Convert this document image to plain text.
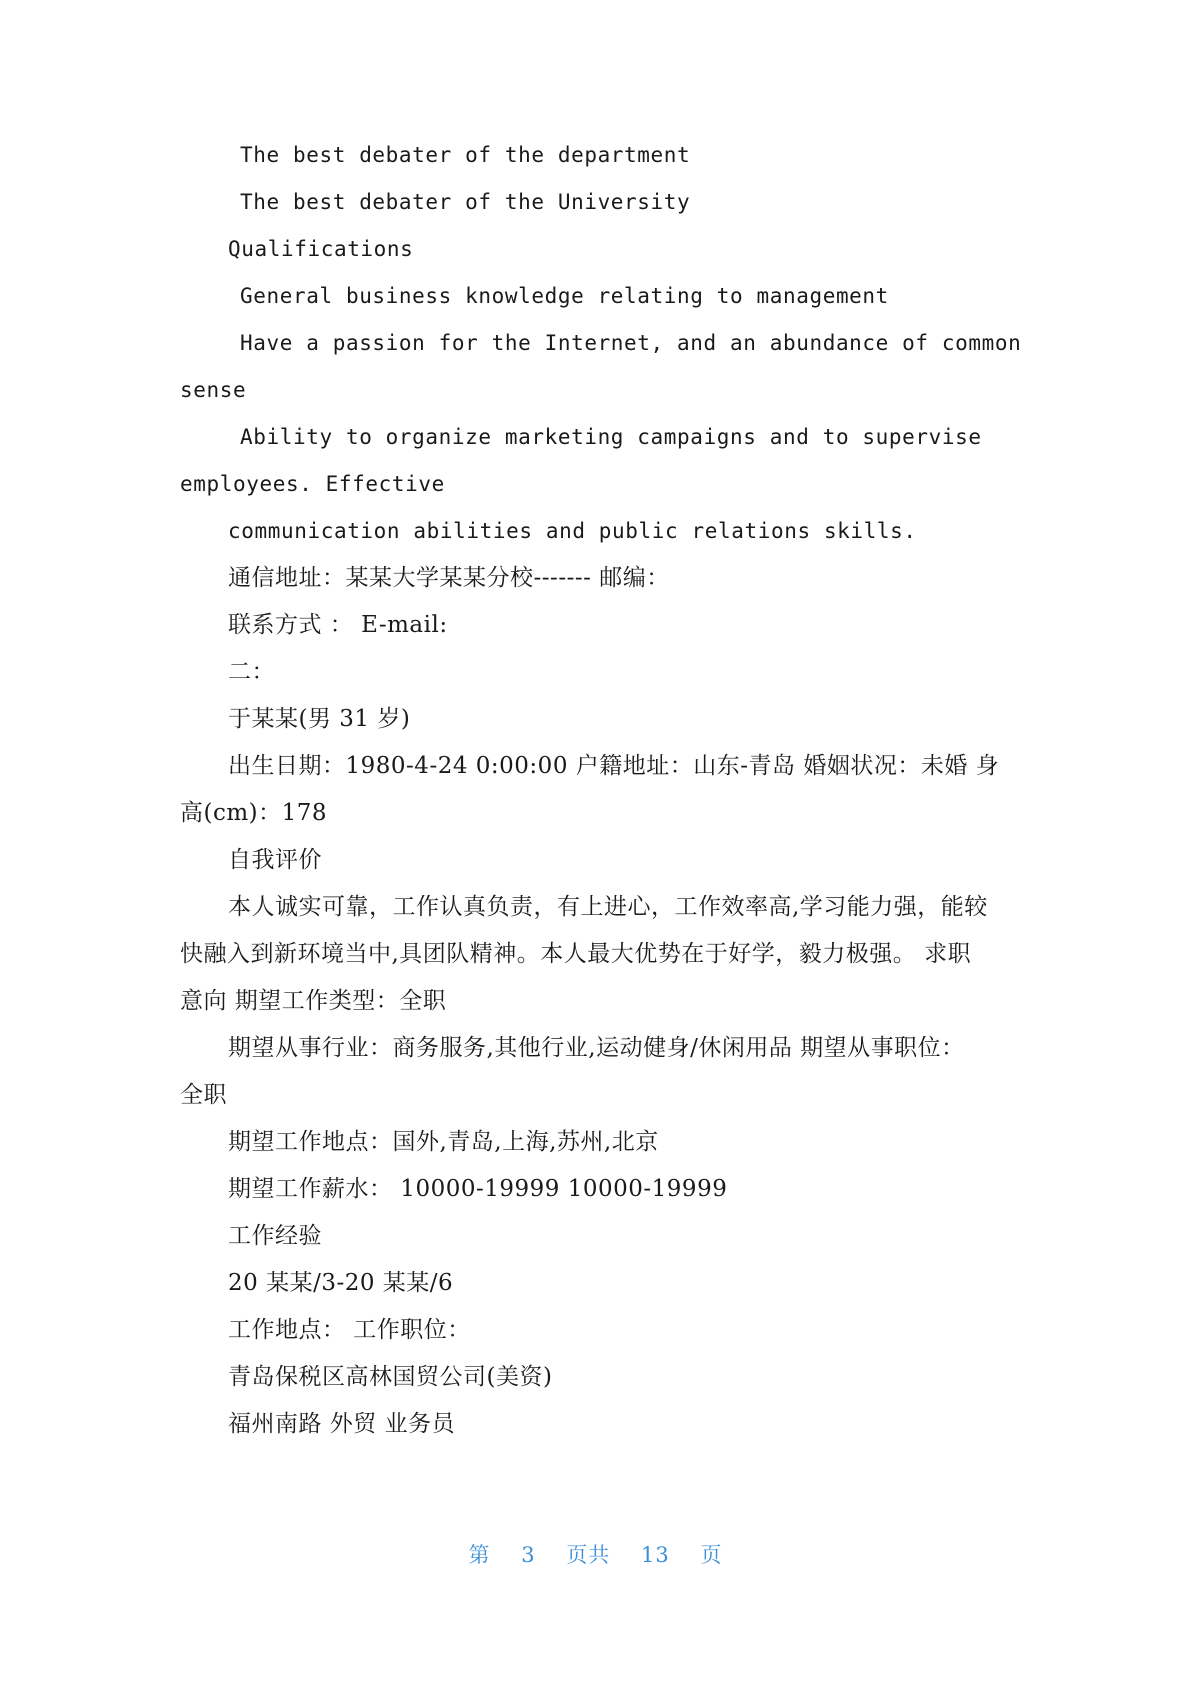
The best debater of the department

The best debater of the University

Qualifications

General business knowledge relating to management

Have a passion for the Internet, and an abundance of common

sense

Ability to organize marketing campaigns and to supervise

employees. Effective

communication abilities and public relations skills.

通信地址：某某大学某某分校------- 邮编：

联系方式 ： E-mail:

二：

于某某(男 31 岁)

出生日期：1980-4-24 0:00:00 户籍地址：山东-青岛 婚姻状况：未婚 身

高(cm)：178

自我评价

本人诚实可靠，工作认真负责，有上进心，工作效率高,学习能力强，能较

快融入到新环境当中,具团队精神。本人最大优势在于好学，毅力极强。 求职

意向 期望工作类型：全职

期望从事行业：商务服务,其他行业,运动健身/休闲用品 期望从事职位：

全职

期望工作地点：国外,青岛,上海,苏州,北京

期望工作薪水： 10000-19999 10000-19999

工作经验

20 某某/3-20 某某/6

工作地点： 工作职位：

青岛保税区高林国贸公司(美资)

福州南路 外贸 业务员

第 3 页共 13 页
